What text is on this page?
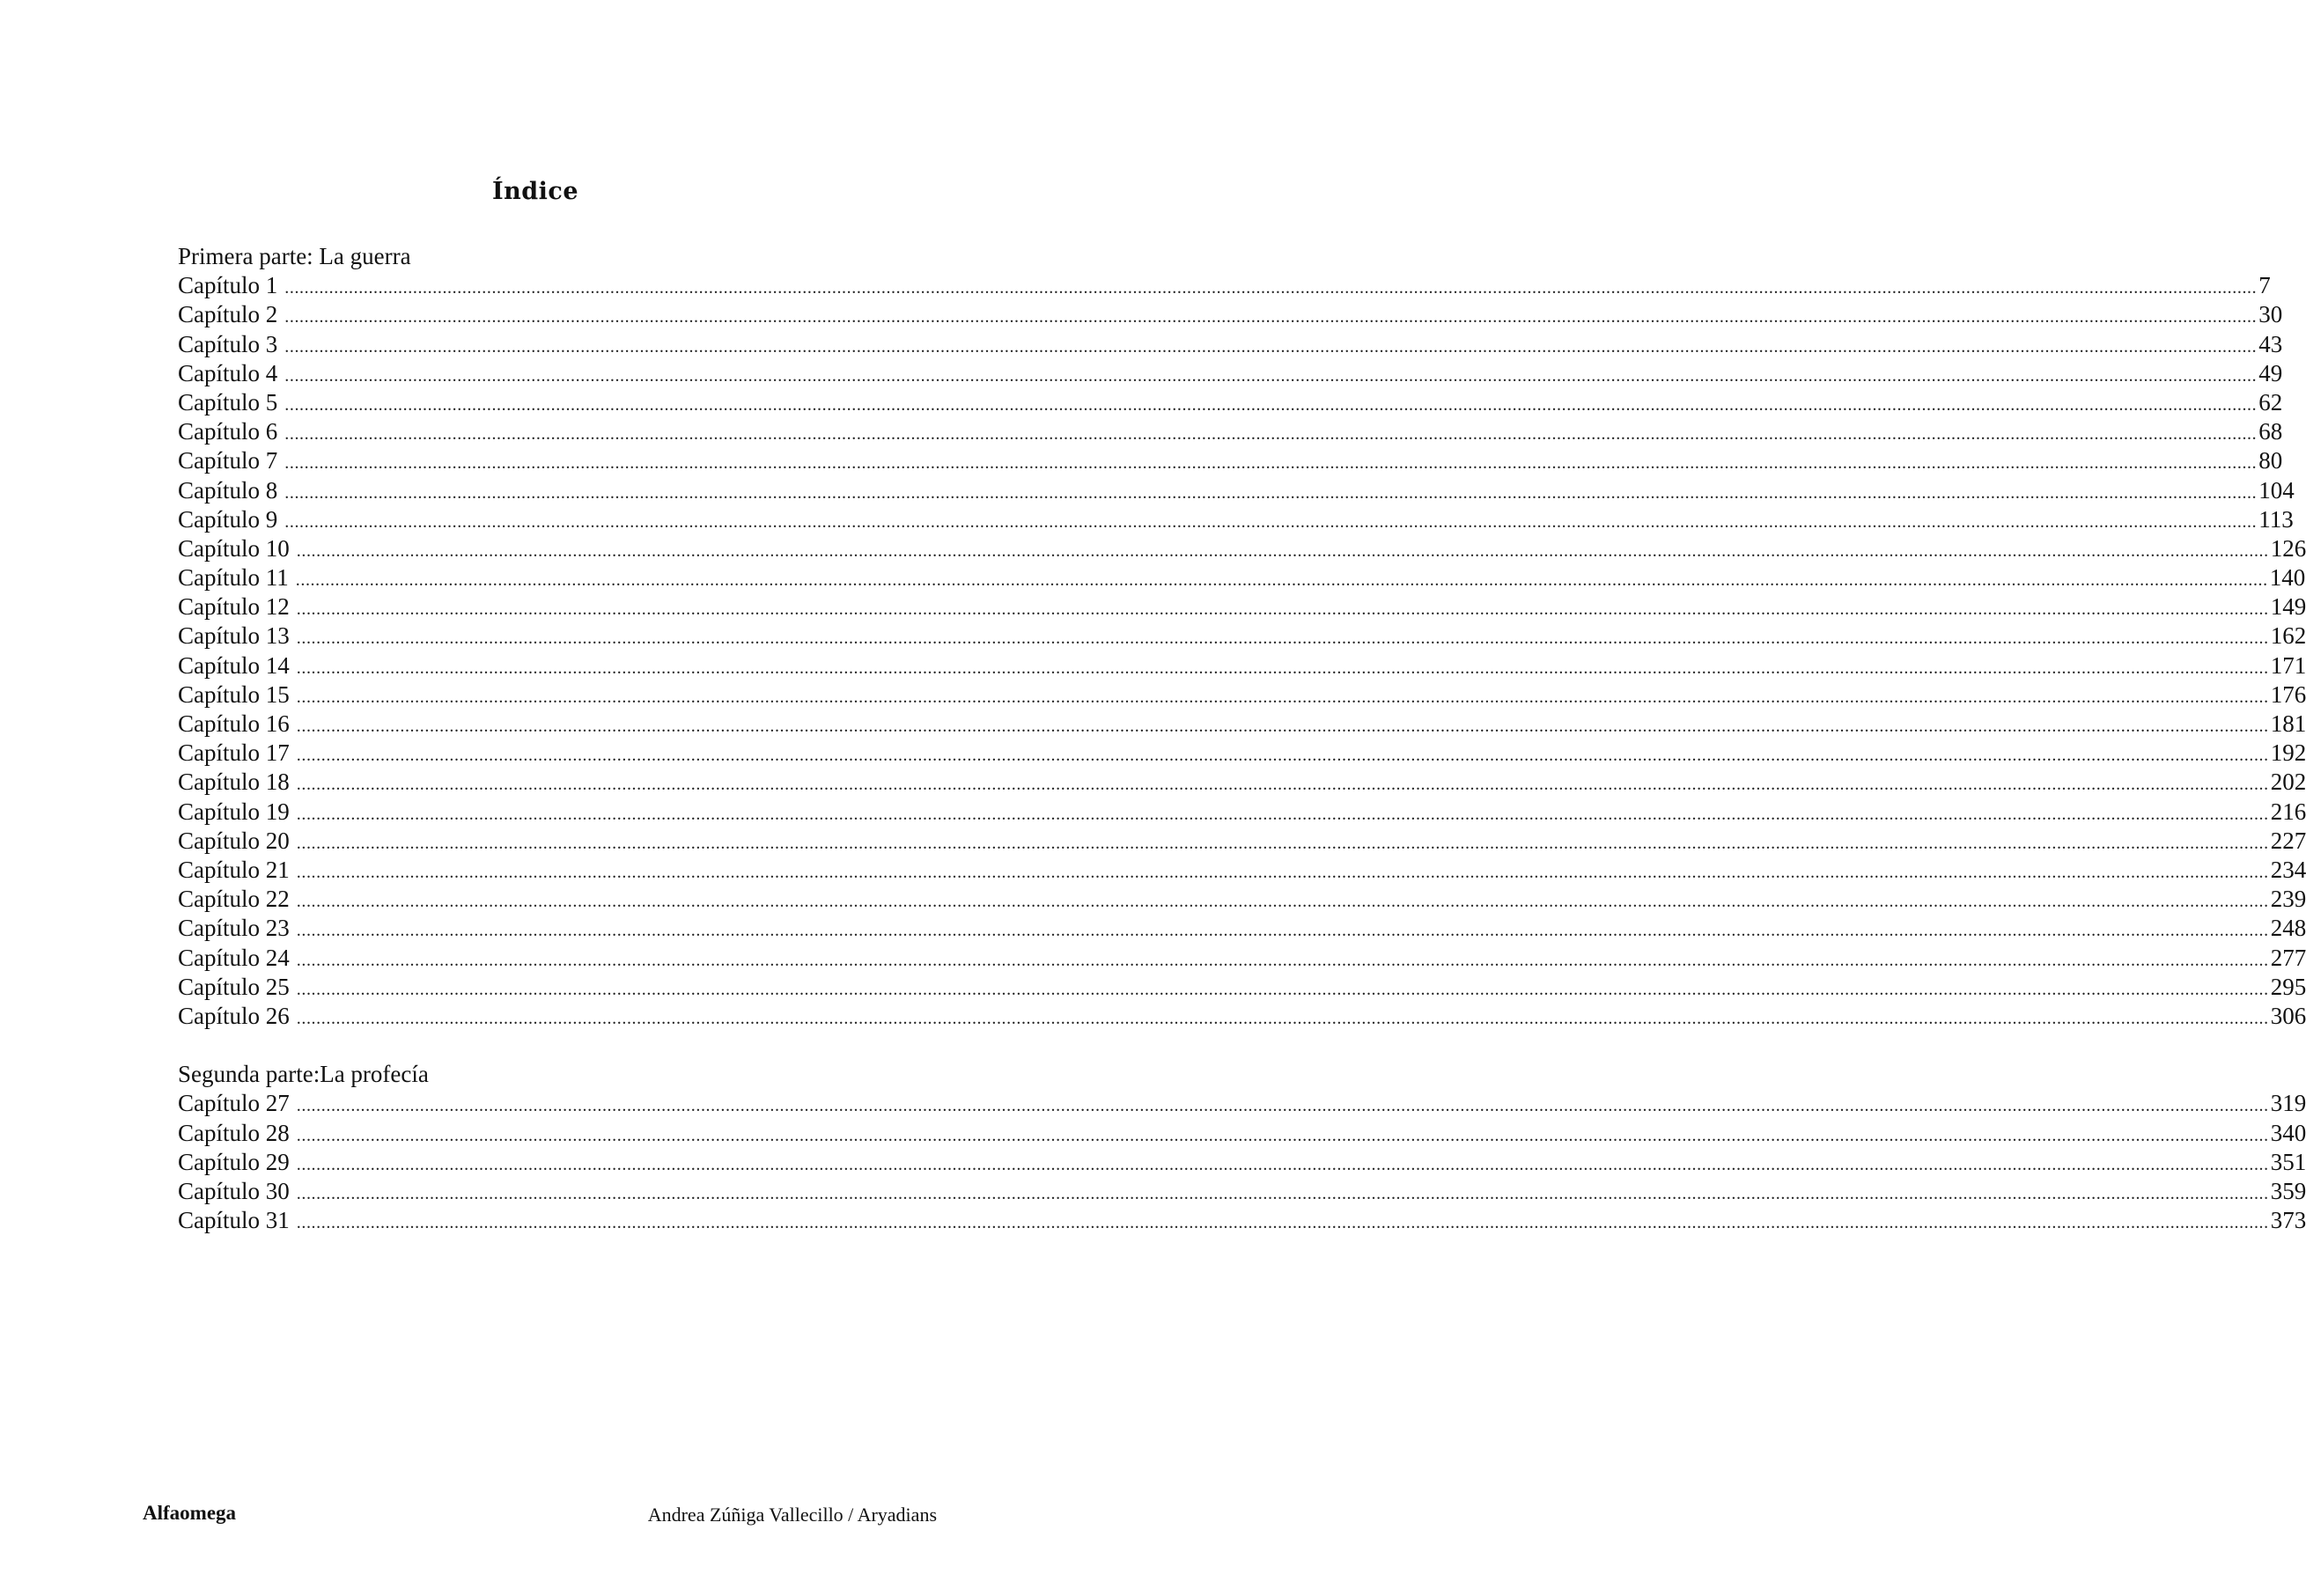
Índice
Primera parte: La guerra
Capítulo 1 ................................................................................................................................................................................................................................................................................................................................................................................................................ 7
Capítulo 2 ................................................................................................................................................................................................................................................................................................................................................................................................................ 30
Capítulo 3 ................................................................................................................................................................................................................................................................................................................................................................................................................ 43
Capítulo 4 ................................................................................................................................................................................................................................................................................................................................................................................................................ 49
Capítulo 5 ................................................................................................................................................................................................................................................................................................................................................................................................................ 62
Capítulo 6 ................................................................................................................................................................................................................................................................................................................................................................................................................ 68
Capítulo 7 ................................................................................................................................................................................................................................................................................................................................................................................................................ 80
Capítulo 8 ................................................................................................................................................................................................................................................................................................................................................................................................................ 104
Capítulo 9 ................................................................................................................................................................................................................................................................................................................................................................................................................ 113
Capítulo 10 ................................................................................................................................................................................................................................................................................................................................................................................................................ 126
Capítulo 11 ................................................................................................................................................................................................................................................................................................................................................................................................................ 140
Capítulo 12 ................................................................................................................................................................................................................................................................................................................................................................................................................ 149
Capítulo 13 ................................................................................................................................................................................................................................................................................................................................................................................................................ 162
Capítulo 14 ................................................................................................................................................................................................................................................................................................................................................................................................................ 171
Capítulo 15 ................................................................................................................................................................................................................................................................................................................................................................................................................ 176
Capítulo 16 ................................................................................................................................................................................................................................................................................................................................................................................................................ 181
Capítulo 17 ................................................................................................................................................................................................................................................................................................................................................................................................................ 192
Capítulo 18 ................................................................................................................................................................................................................................................................................................................................................................................................................ 202
Capítulo 19 ................................................................................................................................................................................................................................................................................................................................................................................................................ 216
Capítulo 20 ................................................................................................................................................................................................................................................................................................................................................................................................................ 227
Capítulo 21 ................................................................................................................................................................................................................................................................................................................................................................................................................ 234
Capítulo 22 ................................................................................................................................................................................................................................................................................................................................................................................................................ 239
Capítulo 23 ................................................................................................................................................................................................................................................................................................................................................................................................................ 248
Capítulo 24 ................................................................................................................................................................................................................................................................................................................................................................................................................ 277
Capítulo 25 ................................................................................................................................................................................................................................................................................................................................................................................................................ 295
Capítulo 26 ................................................................................................................................................................................................................................................................................................................................................................................................................ 306
Segunda parte:La profecía
Capítulo 27 ................................................................................................................................................................................................................................................................................................................................................................................................................ 319
Capítulo 28 ................................................................................................................................................................................................................................................................................................................................................................................................................ 340
Capítulo 29 ................................................................................................................................................................................................................................................................................................................................................................................................................ 351
Capítulo 30 ................................................................................................................................................................................................................................................................................................................................................................................................................ 359
Capítulo 31 ................................................................................................................................................................................................................................................................................................................................................................................................................ 373
Alfaomega	Andrea Zúñiga Vallecillo / Aryadians
